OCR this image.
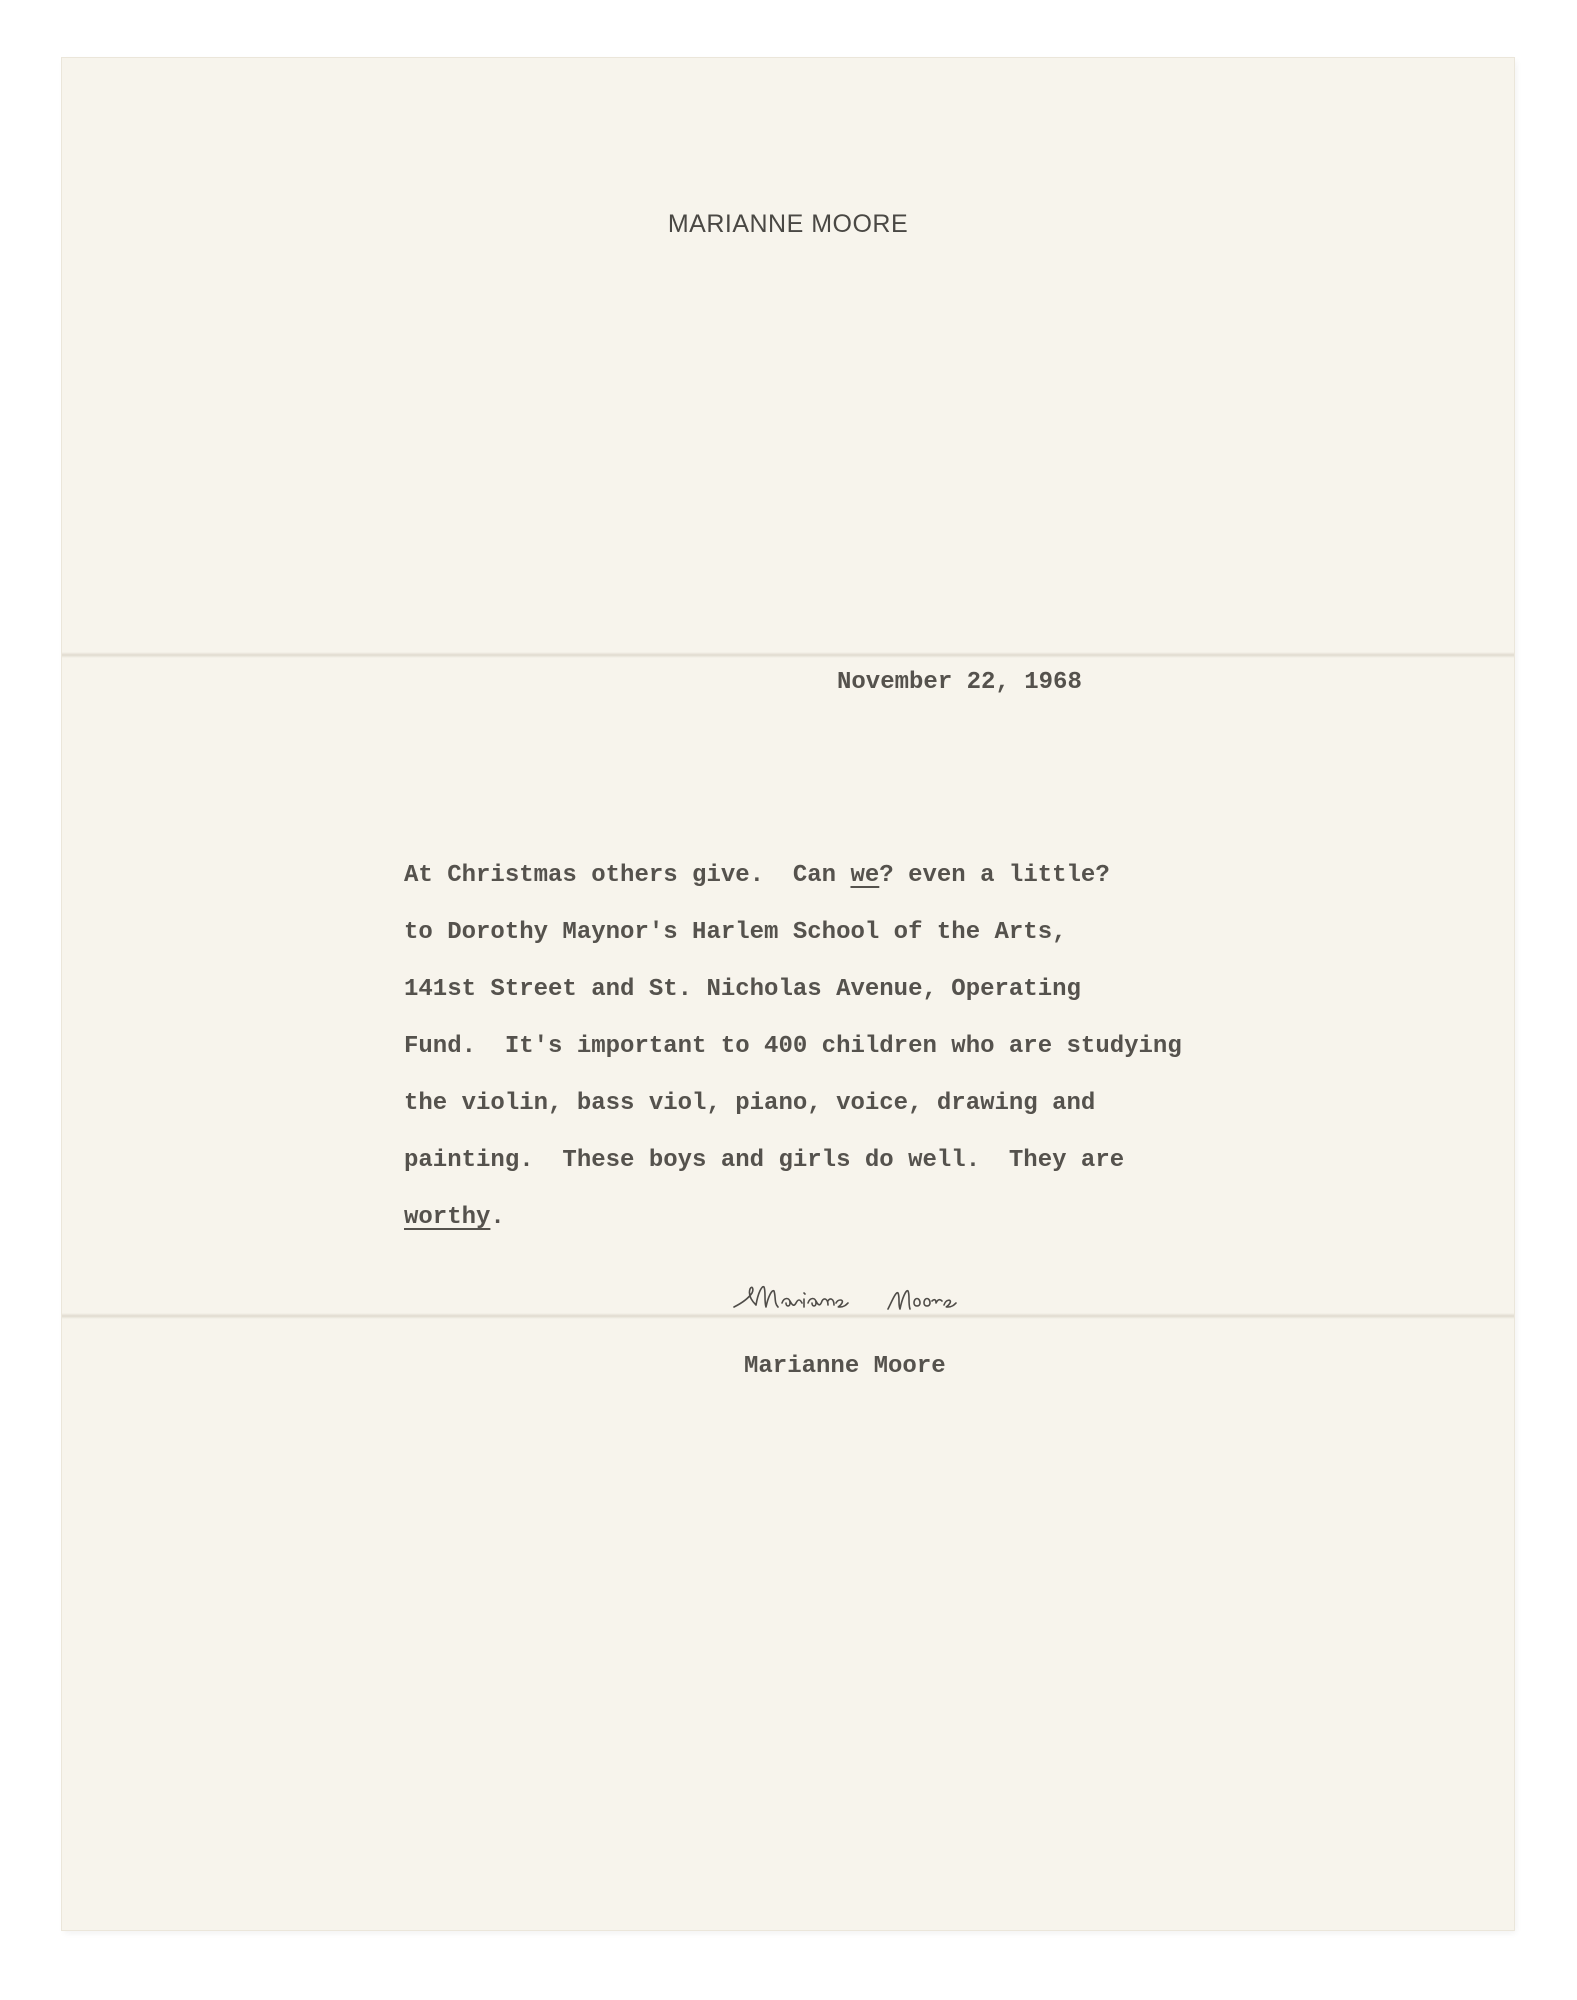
MARIANNE MOORE
November 22, 1968
At Christmas others give.  Can we? even a little?
to Dorothy Maynor's Harlem School of the Arts,
141st Street and St. Nicholas Avenue, Operating
Fund.  It's important to 400 children who are studying
the violin, bass viol, piano, voice, drawing and
painting.  These boys and girls do well.  They are
worthy.
Marianne Moore
